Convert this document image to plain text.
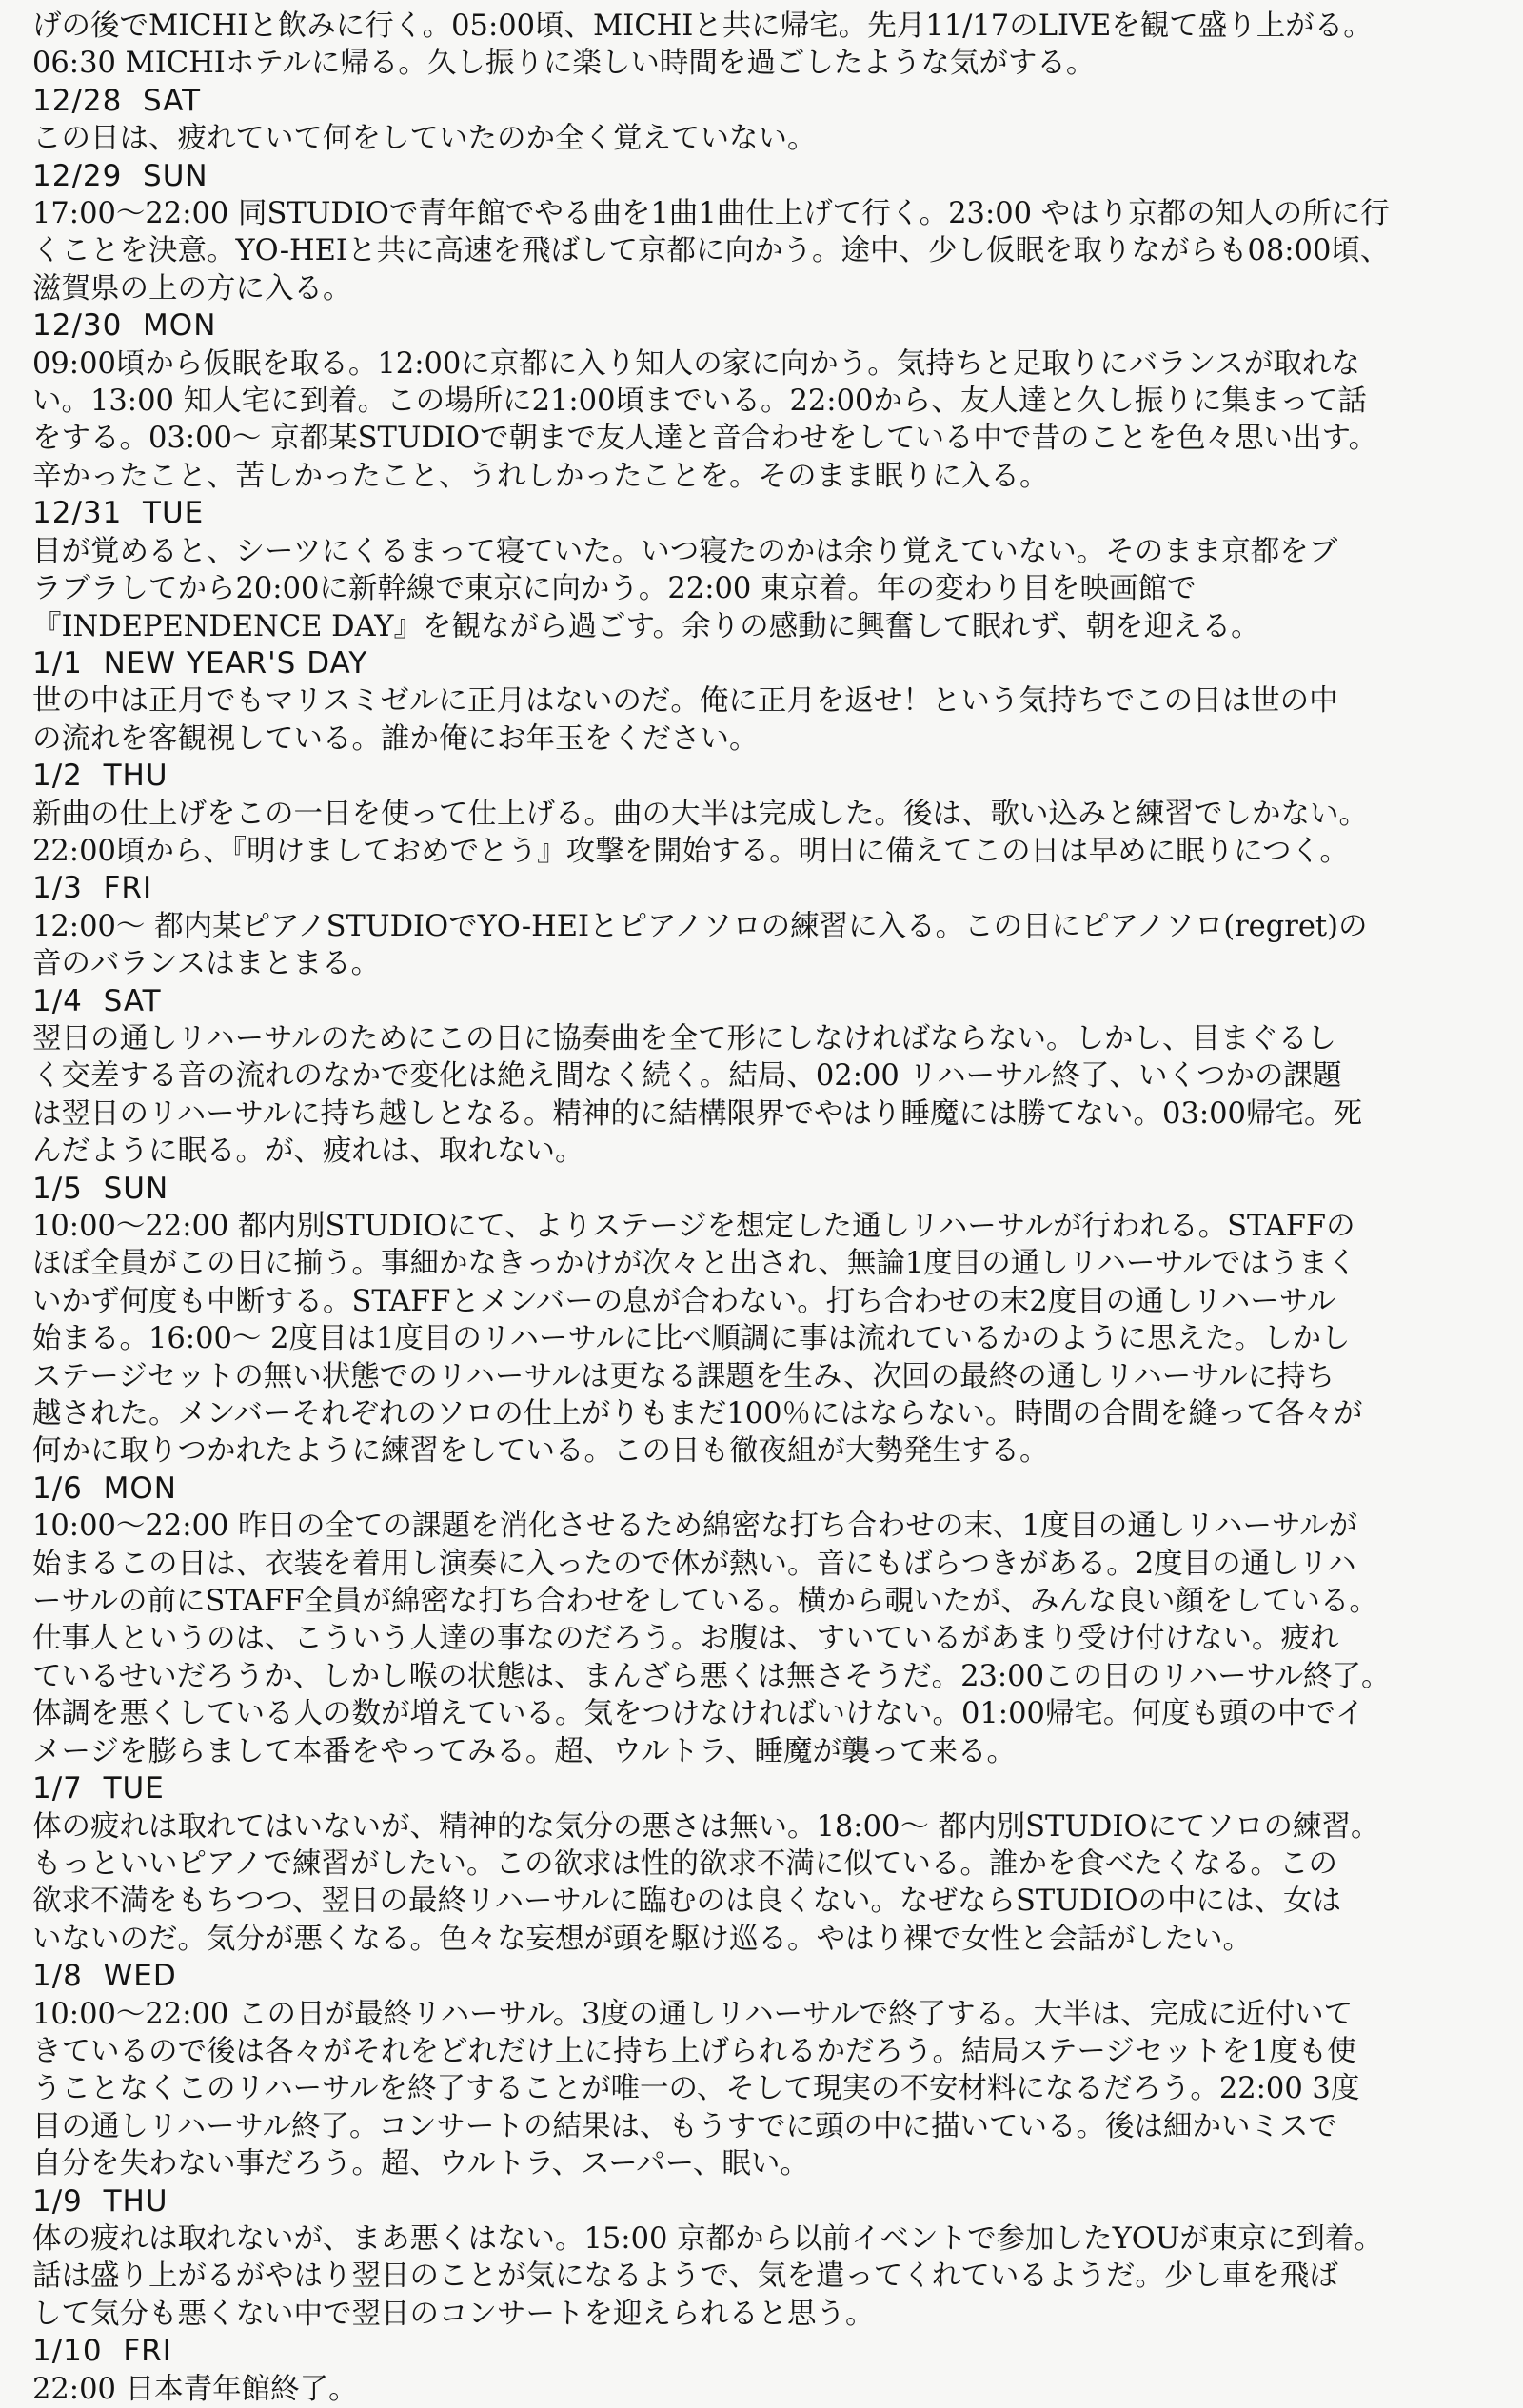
げの後でMICHIと飲みに行く。05:00頃、MICHIと共に帰宅。先月11/17のLIVEを観て盛り上がる。
06:30 MICHIホテルに帰る。久し振りに楽しい時間を過ごしたような気がする。

12/28  SAT

この日は、疲れていて何をしていたのか全く覚えていない。

12/29  SUN

17:00～22:00 同STUDIOで青年館でやる曲を1曲1曲仕上げて行く。23:00 やはり京都の知人の所に行
くことを決意。YO-HEIと共に高速を飛ばして京都に向かう。途中、少し仮眠を取りながらも08:00頃、
滋賀県の上の方に入る。

12/30  MON

09:00頃から仮眠を取る。12:00に京都に入り知人の家に向かう。気持ちと足取りにバランスが取れな
い。13:00 知人宅に到着。この場所に21:00頃までいる。22:00から、友人達と久し振りに集まって話
をする。03:00～ 京都某STUDIOで朝まで友人達と音合わせをしている中で昔のことを色々思い出す。
辛かったこと、苦しかったこと、うれしかったことを。そのまま眠りに入る。

12/31  TUE

目が覚めると、シーツにくるまって寝ていた。いつ寝たのかは余り覚えていない。そのまま京都をブ
ラブラしてから20:00に新幹線で東京に向かう。22:00 東京着。年の変わり目を映画館で
『INDEPENDENCE DAY』を観ながら過ごす。余りの感動に興奮して眠れず、朝を迎える。

1/1  NEW YEAR'S DAY

世の中は正月でもマリスミゼルに正月はないのだ。俺に正月を返せ！という気持ちでこの日は世の中
の流れを客観視している。誰か俺にお年玉をください。

1/2  THU

新曲の仕上げをこの一日を使って仕上げる。曲の大半は完成した。後は、歌い込みと練習でしかない。
22:00頃から、『明けましておめでとう』攻撃を開始する。明日に備えてこの日は早めに眠りにつく。

1/3  FRI

12:00～ 都内某ピアノSTUDIOでYO-HEIとピアノソロの練習に入る。この日にピアノソロ(regret)の
音のバランスはまとまる。

1/4  SAT

翌日の通しリハーサルのためにこの日に協奏曲を全て形にしなければならない。しかし、目まぐるし
く交差する音の流れのなかで変化は絶え間なく続く。結局、02:00 リハーサル終了、いくつかの課題
は翌日のリハーサルに持ち越しとなる。精神的に結構限界でやはり睡魔には勝てない。03:00帰宅。死
んだように眠る。が、疲れは、取れない。

1/5  SUN

10:00～22:00 都内別STUDIOにて、よりステージを想定した通しリハーサルが行われる。STAFFの
ほぼ全員がこの日に揃う。事細かなきっかけが次々と出され、無論1度目の通しリハーサルではうまく
いかず何度も中断する。STAFFとメンバーの息が合わない。打ち合わせの末2度目の通しリハーサル
始まる。16:00～ 2度目は1度目のリハーサルに比べ順調に事は流れているかのように思えた。しかし
ステージセットの無い状態でのリハーサルは更なる課題を生み、次回の最終の通しリハーサルに持ち
越された。メンバーそれぞれのソロの仕上がりもまだ100％にはならない。時間の合間を縫って各々が
何かに取りつかれたように練習をしている。この日も徹夜組が大勢発生する。

1/6  MON

10:00～22:00 昨日の全ての課題を消化させるため綿密な打ち合わせの末、1度目の通しリハーサルが
始まるこの日は、衣装を着用し演奏に入ったので体が熱い。音にもばらつきがある。2度目の通しリハ
ーサルの前にSTAFF全員が綿密な打ち合わせをしている。横から覗いたが、みんな良い顔をしている。
仕事人というのは、こういう人達の事なのだろう。お腹は、すいているがあまり受け付けない。疲れ
ているせいだろうか、しかし喉の状態は、まんざら悪くは無さそうだ。23:00この日のリハーサル終了。
体調を悪くしている人の数が増えている。気をつけなければいけない。01:00帰宅。何度も頭の中でイ
メージを膨らまして本番をやってみる。超、ウルトラ、睡魔が襲って来る。

1/7  TUE

体の疲れは取れてはいないが、精神的な気分の悪さは無い。18:00～ 都内別STUDIOにてソロの練習。
もっといいピアノで練習がしたい。この欲求は性的欲求不満に似ている。誰かを食べたくなる。この
欲求不満をもちつつ、翌日の最終リハーサルに臨むのは良くない。なぜならSTUDIOの中には、女は
いないのだ。気分が悪くなる。色々な妄想が頭を駆け巡る。やはり裸で女性と会話がしたい。

1/8  WED

10:00～22:00 この日が最終リハーサル。3度の通しリハーサルで終了する。大半は、完成に近付いて
きているので後は各々がそれをどれだけ上に持ち上げられるかだろう。結局ステージセットを1度も使
うことなくこのリハーサルを終了することが唯一の、そして現実の不安材料になるだろう。22:00 3度
目の通しリハーサル終了。コンサートの結果は、もうすでに頭の中に描いている。後は細かいミスで
自分を失わない事だろう。超、ウルトラ、スーパー、眠い。

1/9  THU

体の疲れは取れないが、まあ悪くはない。15:00 京都から以前イベントで参加したYOUが東京に到着。
話は盛り上がるがやはり翌日のことが気になるようで、気を遣ってくれているようだ。少し車を飛ば
して気分も悪くない中で翌日のコンサートを迎えられると思う。

1/10  FRI

22:00 日本青年館終了。
